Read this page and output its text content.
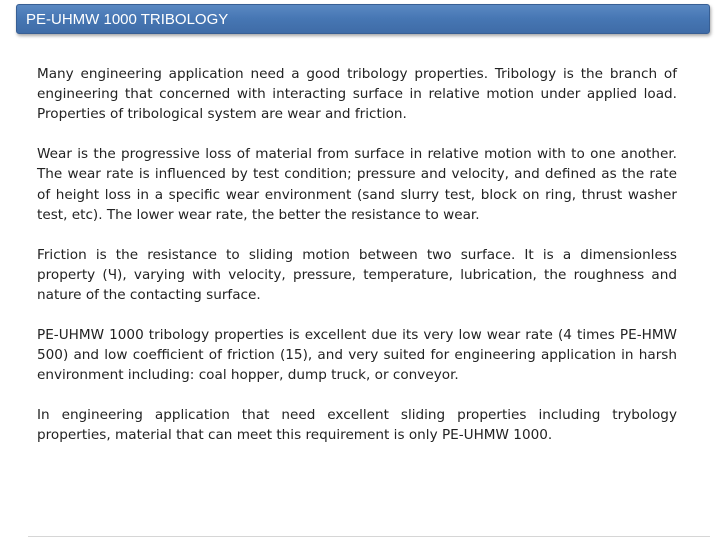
PE-UHMW 1000 TRIBOLOGY

Many engineering application need a good tribology properties. Tribology is the branch of engineering that concerned with interacting surface in relative motion under applied load. Properties of tribological system are wear and friction.

Wear is the progressive loss of material from surface in relative motion with to one another. The wear rate is influenced by test condition; pressure and velocity, and defined as the rate of height loss in a specific wear environment (sand slurry test, block on ring, thrust washer test, etc). The lower wear rate, the better the resistance to wear.

Friction is the resistance to sliding motion between two surface. It is a dimensionless property (Ч), varying with velocity, pressure, temperature, lubrication, the roughness and nature of the contacting surface.

PE-UHMW 1000 tribology properties is excellent due its very low wear rate (4 times PE-HMW 500) and low coefficient of friction (15), and very suited for engineering application in harsh environment including: coal hopper, dump truck, or conveyor.

In engineering application that need excellent sliding properties including trybology properties, material that can meet this requirement is only PE-UHMW 1000.
